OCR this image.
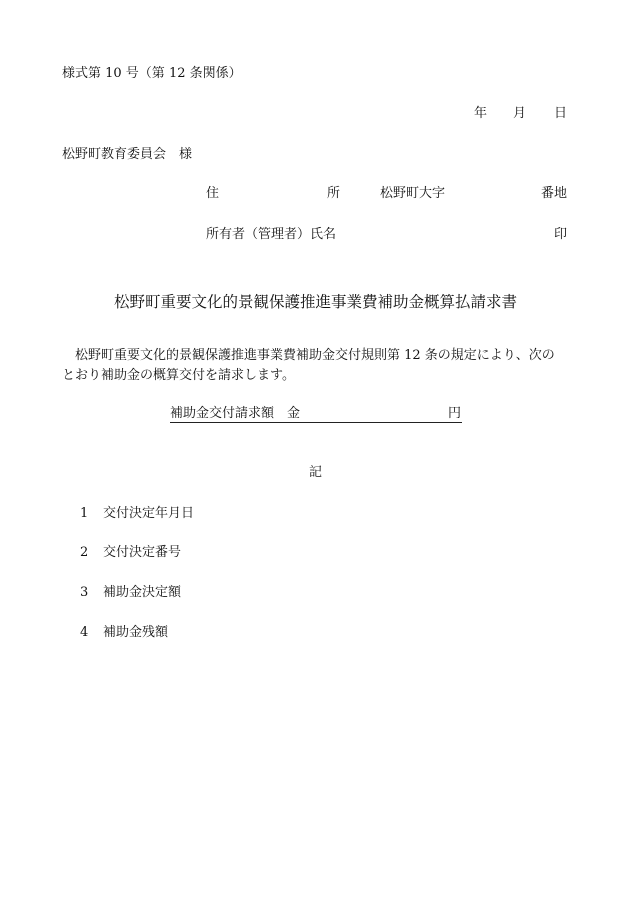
様式第 10 号（第 12 条関係）
年 月 日
松野町教育委員会　様
住	所	松野町大字	番地
所有者（管理者）氏名	印
松野町重要文化的景観保護推進事業費補助金概算払請求書
松野町重要文化的景観保護推進事業費補助金交付規則第 12 条の規定により、次の
とおり補助金の概算交付を請求します。
補助金交付請求額　金	円
記
1 交付決定年月日
2 交付決定番号
3 補助金決定額
4 補助金残額
